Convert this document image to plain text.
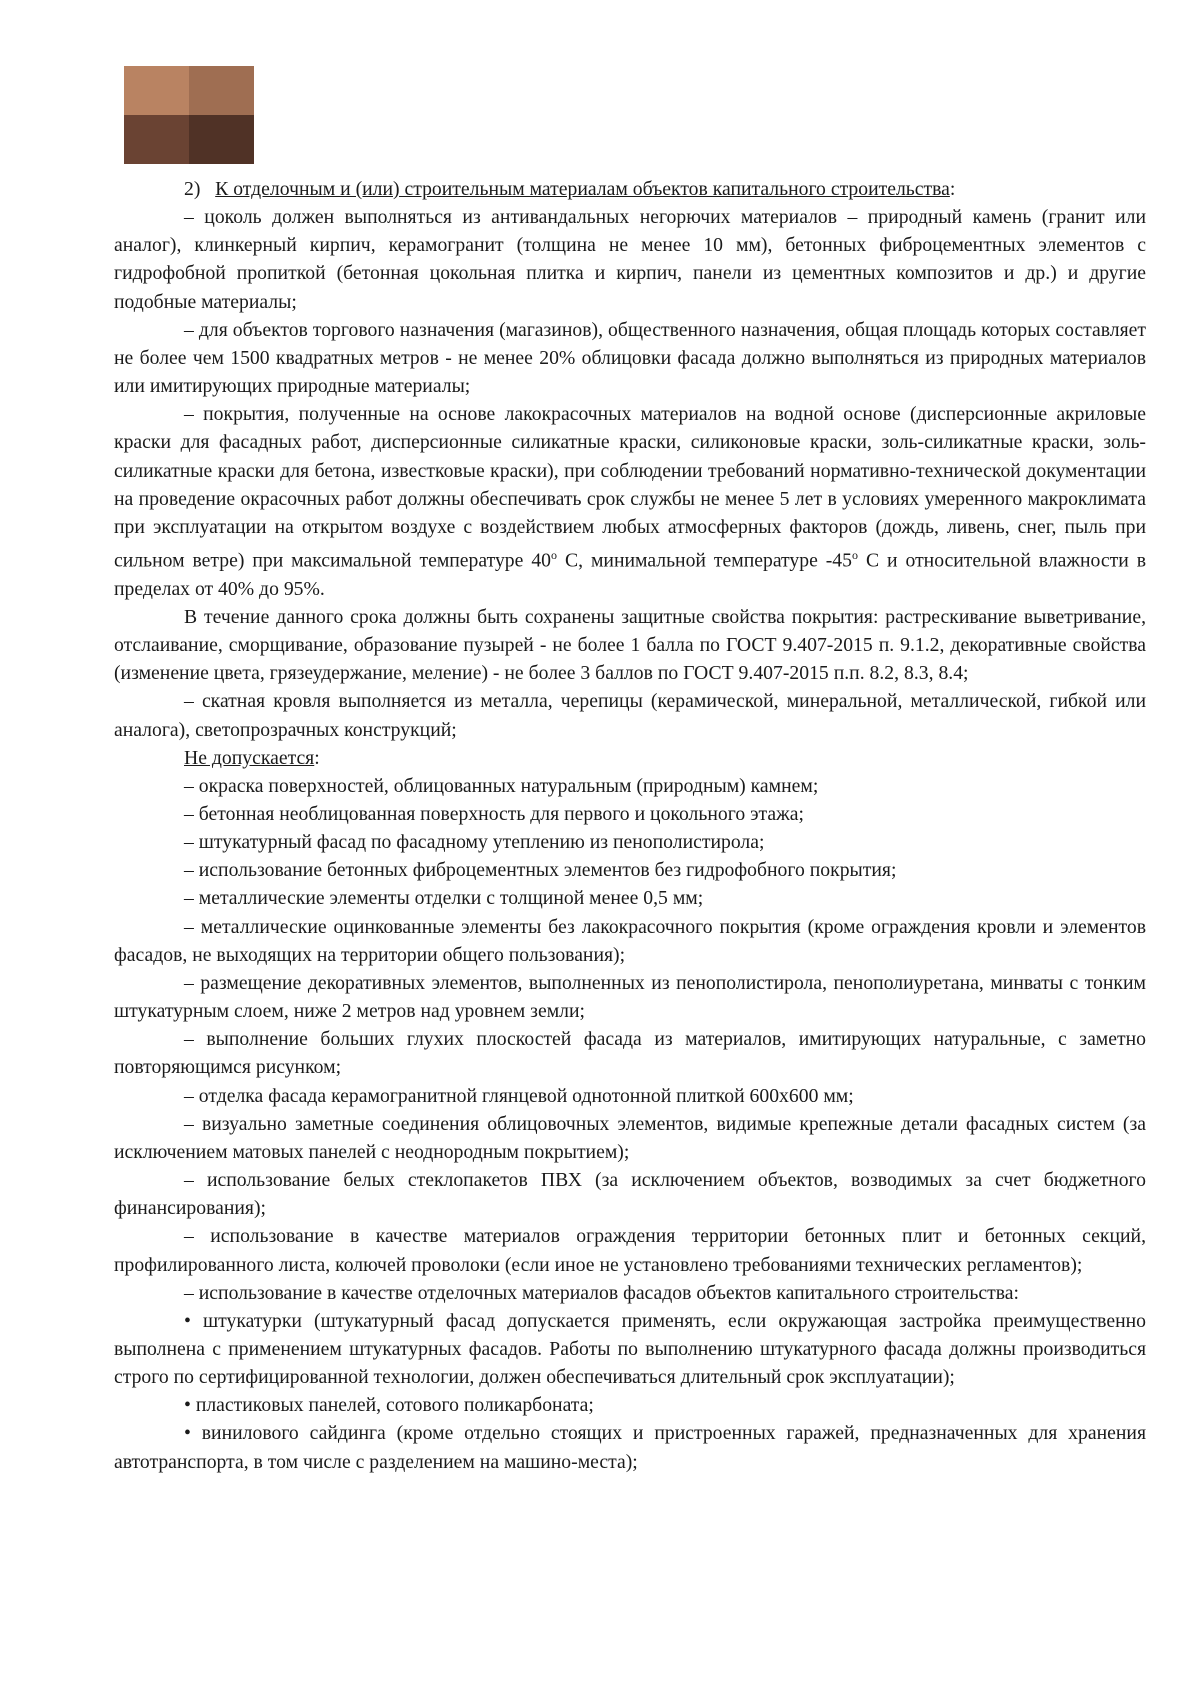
2) К отделочным и (или) строительным материалам объектов капитального строительства:

– цоколь должен выполняться из антивандальных негорючих материалов – природный камень (гранит или аналог), клинкерный кирпич, керамогранит (толщина не менее 10 мм), бетонных фиброцементных элементов с гидрофобной пропиткой (бетонная цокольная плитка и кирпич, панели из цементных композитов и др.) и другие подобные материалы;

– для объектов торгового назначения (магазинов), общественного назначения, общая площадь которых составляет не более чем 1500 квадратных метров - не менее 20% облицовки фасада должно выполняться из природных материалов или имитирующих природные материалы;

– покрытия, полученные на основе лакокрасочных материалов на водной основе (дисперсионные акриловые краски для фасадных работ, дисперсионные силикатные краски, силиконовые краски, золь-силикатные краски, золь-силикатные краски для бетона, известковые краски), при соблюдении требований нормативно-технической документации на проведение окрасочных работ должны обеспечивать срок службы не менее 5 лет в условиях умеренного макроклимата при эксплуатации на открытом воздухе с воздействием любых атмосферных факторов (дождь, ливень, снег, пыль при сильном ветре) при максимальной температуре 40$^o$ С, минимальной температуре -45$^o$ С и относительной влажности в пределах от 40% до 95%.

В течение данного срока должны быть сохранены защитные свойства покрытия: растрескивание выветривание, отслаивание, сморщивание, образование пузырей - не более 1 балла по ГОСТ 9.407-2015 п. 9.1.2, декоративные свойства (изменение цвета, грязеудержание, меление) - не более 3 баллов по ГОСТ 9.407-2015 п.п. 8.2, 8.3, 8.4;

– скатная кровля выполняется из металла, черепицы (керамической, минеральной, металлической, гибкой или аналога), светопрозрачных конструкций;

Не допускается:

– окраска поверхностей, облицованных натуральным (природным) камнем;

– бетонная необлицованная поверхность для первого и цокольного этажа;

– штукатурный фасад по фасадному утеплению из пенополистирола;

– использование бетонных фиброцементных элементов без гидрофобного покрытия;

– металлические элементы отделки с толщиной менее 0,5 мм;

– металлические оцинкованные элементы без лакокрасочного покрытия (кроме ограждения кровли и элементов фасадов, не выходящих на территории общего пользования);

– размещение декоративных элементов, выполненных из пенополистирола, пенополиуретана, минваты с тонким штукатурным слоем, ниже 2 метров над уровнем земли;

– выполнение больших глухих плоскостей фасада из материалов, имитирующих натуральные, с заметно повторяющимся рисунком;

– отделка фасада керамогранитной глянцевой однотонной плиткой 600х600 мм;

– визуально заметные соединения облицовочных элементов, видимые крепежные детали фасадных систем (за исключением матовых панелей с неоднородным покрытием);

– использование белых стеклопакетов ПВХ (за исключением объектов, возводимых за счет бюджетного финансирования);

– использование в качестве материалов ограждения территории бетонных плит и бетонных секций, профилированного листа, колючей проволоки (если иное не установлено требованиями технических регламентов);

– использование в качестве отделочных материалов фасадов объектов капитального строительства:

• штукатурки (штукатурный фасад допускается применять, если окружающая застройка преимущественно выполнена с применением штукатурных фасадов. Работы по выполнению штукатурного фасада должны производиться строго по сертифицированной технологии, должен обеспечиваться длительный срок эксплуатации);

• пластиковых панелей, сотового поликарбоната;

• винилового сайдинга (кроме отдельно стоящих и пристроенных гаражей, предназначенных для хранения автотранспорта, в том числе с разделением на машино-места);
